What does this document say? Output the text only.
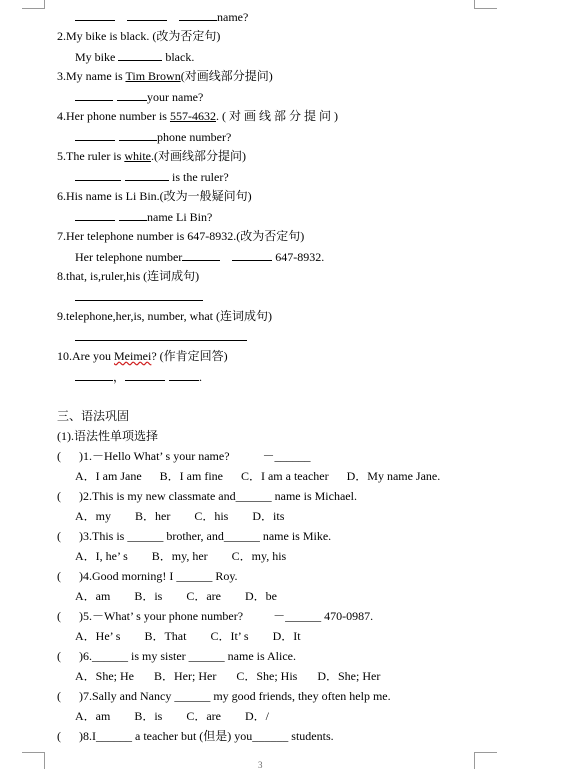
name?
2.My bike is black. (改为否定句)
My bike	black.
3.My name is Tim Brown(对画线部分提问)
your name?
4.Her phone number is 557-4632. ( 对 画 线 部 分 提 问 )
phone number?
5.The ruler is white.(对画线部分提问)
is the ruler?
6.His name is Li Bin.(改为一般疑问句)
name Li Bin?
7.Her telephone number is 647-8932.(改为否定句)
Her telephone number	647-8932.
8.that, is,ruler,his (连词成句)
9.telephone,her,is, number, what (连词成句)
10.Are you Meimei? (作肯定回答)
，	.
三、语法巩固
(1).语法性单项选择
(      )1.－Hello What’ s your name?           －______
A．I am Jane B．I am fine C．I am a teacher D．My name Jane.
(      )2.This is my new classmate and______ name is Michael.
A．my B．her C．his D．its
(      )3.This is ______ brother, and______ name is Mike.
A．I, he’ s B．my, her C．my, his
(      )4.Good morning! I ______ Roy.
A．am B．is C．are D．be
(      )5.－What’ s your phone number?          －______ 470-0987.
A．He’ s B．That C．It’ s D．It
(      )6.______ is my sister ______ name is Alice.
A．She; He B．Her; Her C．She; His D．She; Her
(      )7.Sally and Nancy ______ my good friends, they often help me.
A．am B．is C．are D．/
(      )8.I______ a teacher but (但是) you______ students.
3
